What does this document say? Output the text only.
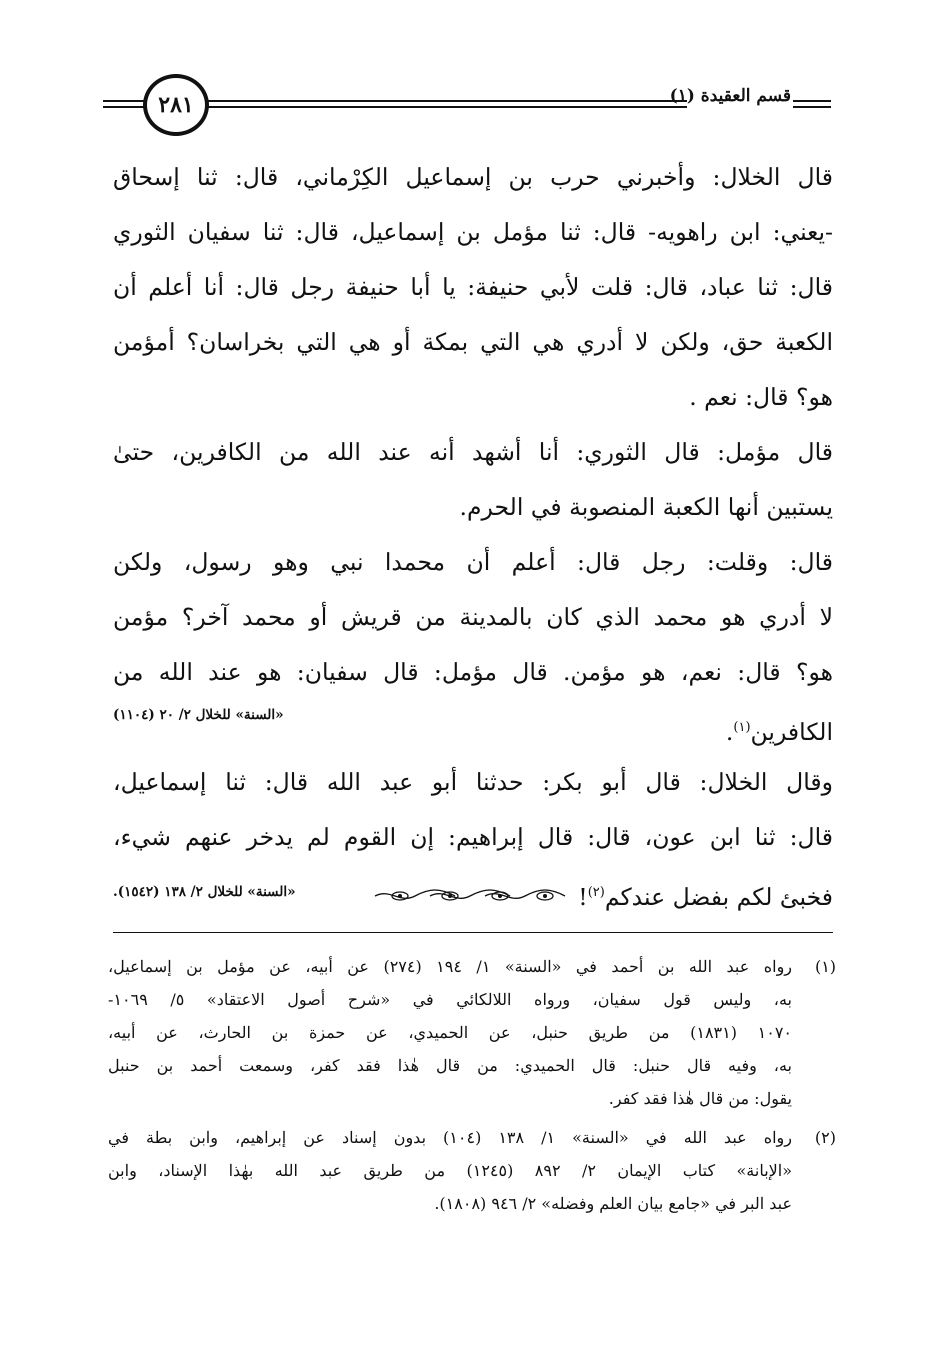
٢٨١	قسم العقيدة (١)
قال الخلال: وأخبرني حرب بن إسماعيل الكِرْماني، قال: ثنا إسحاق
-يعني: ابن راهويه- قال: ثنا مؤمل بن إسماعيل، قال: ثنا سفيان الثوري
قال: ثنا عباد، قال: قلت لأبي حنيفة: يا أبا حنيفة رجل قال: أنا أعلم أن
الكعبة حق، ولكن لا أدري هي التي بمكة أو هي التي بخراسان؟ أمؤمن
هو؟ قال: نعم .
قال مؤمل: قال الثوري: أنا أشهد أنه عند الله من الكافرين، حتىٰ
يستبين أنها الكعبة المنصوبة في الحرم.
قال: وقلت: رجل قال: أعلم أن محمدا نبي وهو رسول، ولكن
لا أدري هو محمد الذي كان بالمدينة من قريش أو محمد آخر؟ مؤمن
هو؟ قال: نعم، هو مؤمن. قال مؤمل: قال سفيان: هو عند الله من
الكافرين$^{(١)}$.
«السنة» للخلال ٢/ ٢٠ (١١٠٤)
وقال الخلال: قال أبو بكر: حدثنا أبو عبد الله قال: ثنا إسماعيل،
قال: ثنا ابن عون، قال: قال إبراهيم: إن القوم لم يدخر عنهم شيء،
فخبئ لكم بفضل عندكم$^{(٢)}$!
«السنة» للخلال ٢/ ١٣٨ (١٥٤٢).
(١)رواه عبد الله بن أحمد في «السنة» ١/ ١٩٤ (٢٧٤) عن أبيه، عن مؤمل بن إسماعيل،
به، وليس قول سفيان، ورواه اللالكائي في «شرح أصول الاعتقاد» ٥/ ١٠٦٩-
١٠٧٠ (١٨٣١) من طريق حنبل، عن الحميدي، عن حمزة بن الحارث، عن أبيه،
به، وفيه قال حنبل: قال الحميدي: من قال هٰذا فقد كفر، وسمعت أحمد بن حنبل
يقول: من قال هٰذا فقد كفر.
(٢)رواه عبد الله في «السنة» ١/ ١٣٨ (١٠٤) بدون إسناد عن إبراهيم، وابن بطة في
«الإبانة» كتاب الإيمان ٢/ ٨٩٢ (١٢٤٥) من طريق عبد الله بهٰذا الإسناد، وابن
عبد البر في «جامع بيان العلم وفضله» ٢/ ٩٤٦ (١٨٠٨).
